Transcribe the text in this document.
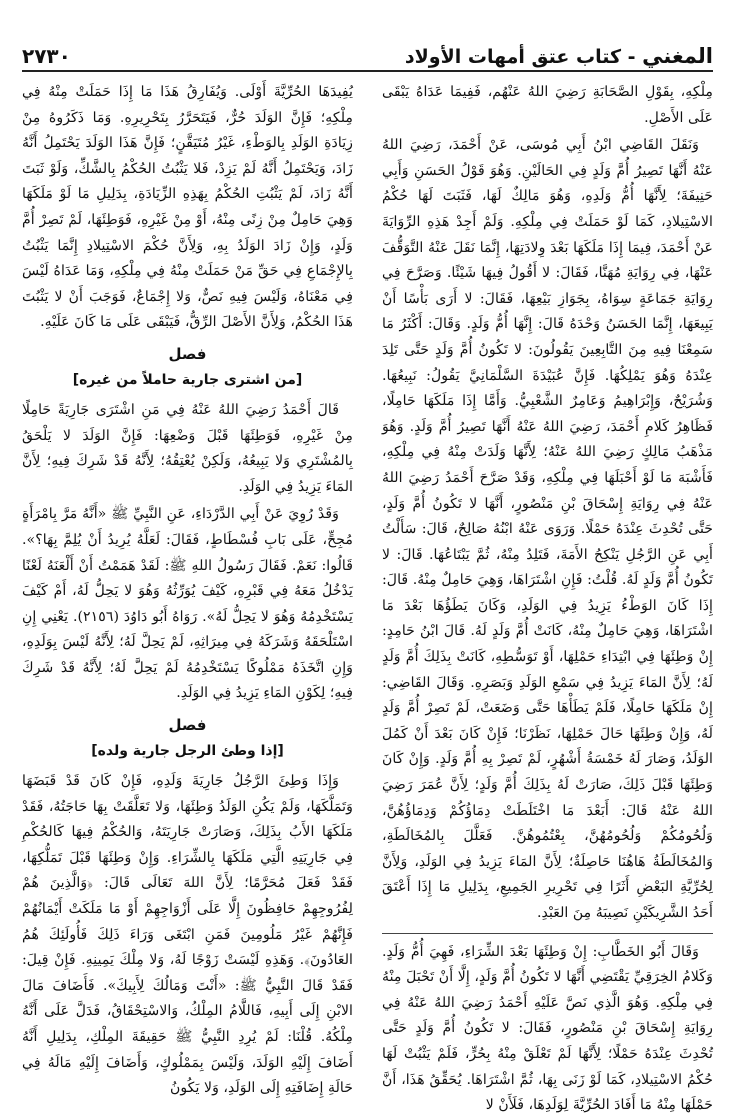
٢٧٣٠	المغني - كتاب عتق أمهات الأولاد

مِلْكِهِ، بِقَوْلِ الصَّحَابَةِ رَضِيَ اللهُ عَنْهُم، فَفِيمَا عَدَاهُ يَبْقَى عَلَى الأَصْلِ.

وَنَقَلَ القَاضِي ابْنُ أَبِي مُوسَى، عَنْ أَحْمَدَ، رَضِيَ اللهُ عَنْهُ أَنَّهَا تَصِيرُ أُمَّ وَلَدٍ فِي الحَالَيْنِ. وَهُوَ قَوْلُ الحَسَنِ وَأَبِي حَنِيفَةَ؛ لِأَنَّهَا أُمُّ وَلَدِهِ، وَهُوَ مَالِكٌ لَهَا، فَثَبَتَ لَهَا حُكْمُ الاسْتِيلادِ، كَمَا لَوْ حَمَلَتْ فِي مِلْكِهِ. وَلَمْ أَجِدْ هَذِهِ الرِّوَايَةَ عَنْ أَحْمَدَ، فِيمَا إِذَا مَلَكَهَا بَعْدَ وِلادَتِهَا، إِنَّمَا نَقَلَ عَنْهُ التَّوَقُّفَ عَنْهَا، فِي رِوَايَةِ مُهَنَّا، فَقَالَ: لا أَقُولُ فِيهَا شَيْئًا. وَصَرَّحَ فِي رِوَايَةِ جَمَاعَةٍ سِوَاهُ، بِجَوَازِ بَيْعِهَا، فَقَالَ: لا أَرَى بَأْسًا أَنْ يَبِيعَهَا، إِنَّمَا الحَسَنُ وَحْدَهُ قَالَ: إِنَّهَا أُمُّ وَلَدٍ. وَقَالَ: أَكْثَرُ مَا سَمِعْنَا فِيهِ مِنَ التَّابِعِينَ يَقُولُونَ: لا تَكُونُ أُمَّ وَلَدٍ حَتَّى تَلِدَ عِنْدَهُ وَهُوَ يَمْلِكُهَا. فَإِنَّ عُبَيْدَةَ السَّلْمَانِيَّ يَقُولُ: نَبِيعُهَا. وَشُرَيْحٌ، وَإِبْرَاهِيمُ وَعَامِرٌ الشَّعْبِيُّ. وَأَمَّا إِذَا مَلَكَهَا حَامِلًا، فَظَاهِرُ كَلامِ أَحْمَدَ، رَضِيَ اللهُ عَنْهُ أَنَّهَا تَصِيرُ أُمَّ وَلَدٍ. وَهُوَ مَذْهَبُ مَالِكٍ رَضِيَ اللهُ عَنْهُ؛ لِأَنَّهَا وَلَدَتْ مِنْهُ فِي مِلْكِهِ، فَأَشْبَهَ مَا لَوْ أَحْبَلَهَا فِي مِلْكِهِ، وَقَدْ صَرَّحَ أَحْمَدُ رَضِيَ اللهُ عَنْهُ فِي رِوَايَةِ إِسْحَاقَ بْنِ مَنْصُورٍ، أَنَّهَا لا تَكُونُ أُمَّ وَلَدٍ، حَتَّى تُحْدِثَ عِنْدَهُ حَمْلًا. وَرَوَى عَنْهُ ابْنُهُ صَالِحٌ، قَالَ: سَأَلْتُ أَبِي عَنِ الرَّجُلِ يَنْكِحُ الأَمَةَ، فَتَلِدُ مِنْهُ، ثُمَّ يَبْتَاعُهَا. قَالَ: لا تَكُونُ أُمَّ وَلَدٍ لَهُ. قُلْتُ: فَإِنِ اشْتَرَاهَا، وَهِيَ حَامِلٌ مِنْهُ. قَالَ: إِذَا كَانَ الوَطْءُ يَزِيدُ فِي الوَلَدِ، وَكَانَ يَطَؤُهَا بَعْدَ مَا اشْتَرَاهَا، وَهِيَ حَامِلٌ مِنْهُ، كَانَتْ أُمَّ وَلَدٍ لَهُ. قَالَ ابْنُ حَامِدٍ: إِنْ وَطِئَهَا فِي ابْتِدَاءِ حَمْلِهَا، أَوْ تَوَسُّطِهِ، كَانَتْ بِذَلِكَ أُمَّ وَلَدٍ لَهُ؛ لِأَنَّ المَاءَ يَزِيدُ فِي سَمْعِ الوَلَدِ وَبَصَرِهِ. وَقَالَ القَاضِي: إِنْ مَلَكَهَا حَامِلًا، فَلَمْ يَطَأْهَا حَتَّى وَضَعَتْ، لَمْ تَصِرْ أُمَّ وَلَدٍ لَهُ، وَإِنْ وَطِئَهَا حَالَ حَمْلِهَا، نَظَرْنَا؛ فَإِنْ كَانَ بَعْدَ أَنْ كَمُلَ الوَلَدُ، وَصَارَ لَهُ خَمْسَةُ أَشْهُرٍ، لَمْ تَصِرْ بِهِ أُمَّ وَلَدٍ. وَإِنْ كَانَ وَطِئَهَا قَبْلَ ذَلِكَ، صَارَتْ لَهُ بِذَلِكَ أُمَّ وَلَدٍ؛ لِأَنَّ عُمَرَ رَضِيَ اللهُ عَنْهُ قَالَ: أَبَعْدَ مَا اخْتَلَطَتْ دِمَاؤُكُمْ وَدِمَاؤُهُنَّ، وَلُحُومُكُمْ وَلُحُومُهُنَّ، بِعْتُمُوهُنَّ. فَعَلَّلَ بِالمُخَالَطَةِ، وَالمُخَالَطَةُ هَاهُنَا حَاصِلَةٌ؛ لِأَنَّ المَاءَ يَزِيدُ فِي الوَلَدِ، وَلِأَنَّ لِحُرِّيَّةِ البَعْضِ أَثَرًا فِي تَحْرِيرِ الجَمِيعِ، بِدَلِيلِ مَا إِذَا أَعْتَقَ أَحَدُ الشَّرِيكَيْنِ نَصِيبَهُ مِنَ العَبْدِ.

وَقَالَ أَبُو الخَطَّابِ: إِنْ وَطِئَهَا بَعْدَ الشِّرَاءِ، فَهِيَ أُمُّ وَلَدٍ. وَكَلامُ الخِرَقِيِّ يَقْتَضِي أَنَّهَا لا تَكُونُ أُمَّ وَلَدٍ، إِلَّا أَنْ تَحْبَلَ مِنْهُ فِي مِلْكِهِ. وَهُوَ الَّذِي نَصَّ عَلَيْهِ أَحْمَدُ رَضِيَ اللهُ عَنْهُ فِي رِوَايَةِ إِسْحَاقَ بْنِ مَنْصُورٍ، فَقَالَ: لا تَكُونُ أُمَّ وَلَدٍ حَتَّى تُحْدِثَ عِنْدَهُ حَمْلًا؛ لِأَنَّهَا لَمْ تَعْلَقْ مِنْهُ بِحُرٍّ، فَلَمْ يَثْبُتْ لَهَا حُكْمُ الاسْتِيلادِ، كَمَا لَوْ زَنَى بِهَا، ثُمَّ اشْتَرَاهَا. يُحَقِّقُ هَذَا، أَنَّ حَمْلَهَا مِنْهُ مَا أَفَادَ الحُرِّيَّةَ لِوَلَدِهَا، فَلَأَنْ لا

يُفِيدَهَا الحُرِّيَّةَ أَوْلَى. وَيُفَارِقُ هَذَا مَا إِذَا حَمَلَتْ مِنْهُ فِي مِلْكِهِ؛ فَإِنَّ الوَلَدَ حُرٌّ، فَيَتَحَرَّرُ بِتَحْرِيرِهِ. وَمَا ذَكَرُوهُ مِنْ زِيَادَةِ الوَلَدِ بِالوَطْءِ، غَيْرُ مُتَيَقَّنٍ؛ فَإِنَّ هَذَا الوَلَدَ يَحْتَمِلُ أَنَّهُ زَادَ، وَيَحْتَمِلُ أَنَّهُ لَمْ يَزِدْ، فَلا يَثْبُتُ الحُكْمُ بِالشَّكِّ، وَلَوْ ثَبَتَ أَنَّهُ زَادَ، لَمْ يَثْبُتِ الحُكْمُ بِهَذِهِ الزِّيَادَةِ، بِدَلِيلِ مَا لَوْ مَلَكَهَا وَهِيَ حَامِلٌ مِنْ زِنًى مِنْهُ، أَوْ مِنْ غَيْرِهِ، فَوَطِئَهَا، لَمْ تَصِرْ أُمَّ وَلَدٍ، وَإِنْ زَادَ الوَلَدُ بِهِ، وَلِأَنَّ حُكْمَ الاسْتِيلادِ إِنَّمَا يَثْبُتُ بِالإِجْمَاعِ فِي حَقِّ مَنْ حَمَلَتْ مِنْهُ فِي مِلْكِهِ، وَمَا عَدَاهُ لَيْسَ فِي مَعْنَاهُ، وَلَيْسَ فِيهِ نَصٌّ، وَلا إِجْمَاعٌ، فَوَجَبَ أَنْ لا يَثْبُتَ هَذَا الحُكْمُ، وَلِأَنَّ الأَصْلَ الرِّقُّ، فَيَبْقَى عَلَى مَا كَانَ عَلَيْهِ.

فصل
[من اشترى جارية حاملاً من غيره]

قَالَ أَحْمَدُ رَضِيَ اللهُ عَنْهُ فِي مَنِ اشْتَرَى جَارِيَةً حَامِلًا مِنْ غَيْرِهِ، فَوَطِئَهَا قَبْلَ وَضْعِهَا: فَإِنَّ الوَلَدَ لا يَلْحَقُ بِالمُشْتَرِي وَلا يَبِيعُهُ، وَلَكِنْ يُعْتِقُهُ؛ لِأَنَّهُ قَدْ شَرِكَ فِيهِ؛ لِأَنَّ المَاءَ يَزِيدُ فِي الوَلَدِ.

وَقَدْ رُوِيَ عَنْ أَبِي الدَّرْدَاءِ، عَنِ النَّبِيِّ ﷺ «أَنَّهُ مَرَّ بِامْرَأَةٍ مُجِحٍّ، عَلَى بَابِ فُسْطَاطٍ، فَقَالَ: لَعَلَّهُ يُرِيدُ أَنْ يُلِمَّ بِهَا؟». قَالُوا: نَعَمْ. فَقَالَ رَسُولُ اللهِ ﷺ: لَقَدْ هَمَمْتُ أَنْ أَلْعَنَهُ لَعْنًا يَدْخُلُ مَعَهُ فِي قَبْرِهِ، كَيْفَ يُوَرِّثُهُ وَهُوَ لا يَحِلُّ لَهُ، أَمْ كَيْفَ يَسْتَخْدِمُهُ وَهُوَ لا يَحِلُّ لَهُ». رَوَاهُ أَبُو دَاوُدَ (٢١٥٦). يَعْنِي إِنِ اسْتَلْحَقَهُ وَشَرَكَهُ فِي مِيرَاثِهِ، لَمْ يَحِلَّ لَهُ؛ لِأَنَّهُ لَيْسَ بِوَلَدِهِ، وَإِنِ اتَّخَذَهُ مَمْلُوكًا يَسْتَخْدِمُهُ لَمْ يَحِلَّ لَهُ؛ لِأَنَّهُ قَدْ شَرِكَ فِيهِ؛ لِكَوْنِ المَاءِ يَزِيدُ فِي الوَلَدِ.

فصل
[إذا وطئ الرجل جارية ولده]

وَإِذَا وَطِئَ الرَّجُلُ جَارِيَةَ وَلَدِهِ، فَإِنْ كَانَ قَدْ قَبَضَهَا وَتَمَلَّكَهَا، وَلَمْ يَكُنِ الوَلَدُ وَطِئَهَا، وَلا تَعَلَّقَتْ بِهَا حَاجَتُهُ، فَقَدْ مَلَكَهَا الأَبُ بِذَلِكَ، وَصَارَتْ جَارِيَتَهُ، وَالحُكْمُ فِيهَا كَالحُكْمِ فِي جَارِيَتِهِ الَّتِي مَلَكَهَا بِالشِّرَاءِ. وَإِنْ وَطِئَهَا قَبْلَ تَمَلُّكِهَا، فَقَدْ فَعَلَ مُحَرَّمًا؛ لِأَنَّ اللهَ تَعَالَى قَالَ: ﴿وَالَّذِينَ هُمْ لِفُرُوجِهِمْ حَافِظُونَ إِلَّا عَلَى أَزْوَاجِهِمْ أَوْ مَا مَلَكَتْ أَيْمَانُهُمْ فَإِنَّهُمْ غَيْرُ مَلُومِينَ فَمَنِ ابْتَغَى وَرَاءَ ذَلِكَ فَأُولَئِكَ هُمُ العَادُونَ﴾. وَهَذِهِ لَيْسَتْ زَوْجًا لَهُ، وَلا مِلْكَ يَمِينِهِ. فَإِنْ قِيلَ: فَقَدْ قَالَ النَّبِيُّ ﷺ: «أَنْتَ وَمَالُكَ لِأَبِيكَ». فَأَضَافَ مَالَ الابْنِ إِلَى أَبِيهِ، فَاللَّامُ المِلْكُ، وَالاسْتِحْقَاقُ، فَدَلَّ عَلَى أَنَّهُ مِلْكُهُ. قُلْنَا: لَمْ يُرِدِ النَّبِيُّ ﷺ حَقِيقَةَ المِلْكِ، بِدَلِيلِ أَنَّهُ أَضَافَ إِلَيْهِ الوَلَدَ، وَلَيْسَ بِمَمْلُوكٍ، وَأَضَافَ إِلَيْهِ مَالَهُ فِي حَالَةِ إِضَافَتِهِ إِلَى الوَلَدِ، وَلا يَكُونُ
